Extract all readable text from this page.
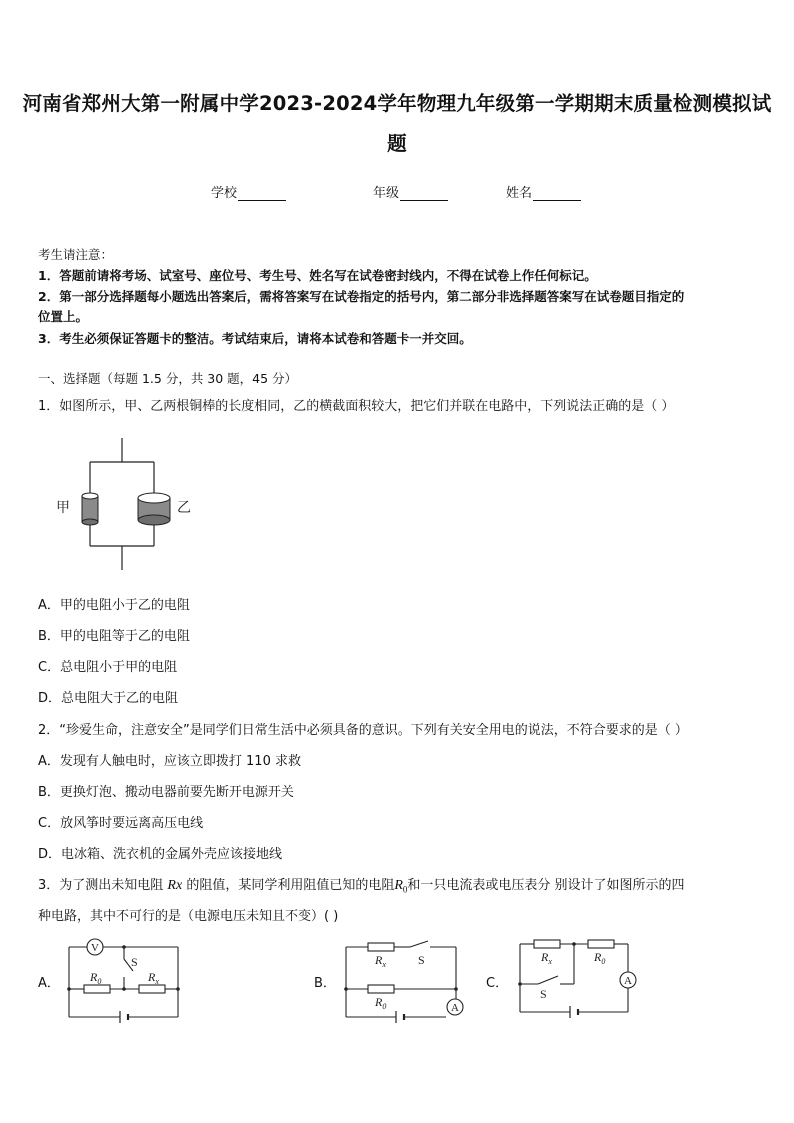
河南省郑州大第一附属中学2023-2024学年物理九年级第一学期期末质量检测模拟试
题
学校	年级	姓名
考生请注意：
1．答题前请将考场、试室号、座位号、考生号、姓名写在试卷密封线内，不得在试卷上作任何标记。
2．第一部分选择题每小题选出答案后，需将答案写在试卷指定的括号内，第二部分非选择题答案写在试卷题目指定的
位置上。
3．考生必须保证答题卡的整洁。考试结束后，请将本试卷和答题卡一并交回。
一、选择题（每题 1.5 分，共 30 题，45 分）
1．如图所示，甲、乙两根铜棒的长度相同，乙的横截面积较大，把它们并联在电路中，下列说法正确的是（ ）
甲	乙
A．甲的电阻小于乙的电阻
B．甲的电阻等于乙的电阻
C．总电阻小于甲的电阻
D．总电阻大于乙的电阻
2．“珍爱生命，注意安全”是同学们日常生活中必须具备的意识。下列有关安全用电的说法，不符合要求的是（ ）
A．发现有人触电时，应该立即拨打 110 求救
B．更换灯泡、搬动电器前要先断开电源开关
C．放风筝时要远离高压电线
D．电冰箱、洗衣机的金属外壳应该接地线
3．为了测出未知电阻 Rx 的阻值，某同学利用阻值已知的电阻$R_0$和一只电流表或电压表分 别设计了如图所示的四
种电路，其中不可行的是（电源电压未知且不变）( )
A．
V
S
$R_0$	$R_x$	B．
A
$R_x$	S
$R_0$
C．	A
$R_x$	$R_0$
S
